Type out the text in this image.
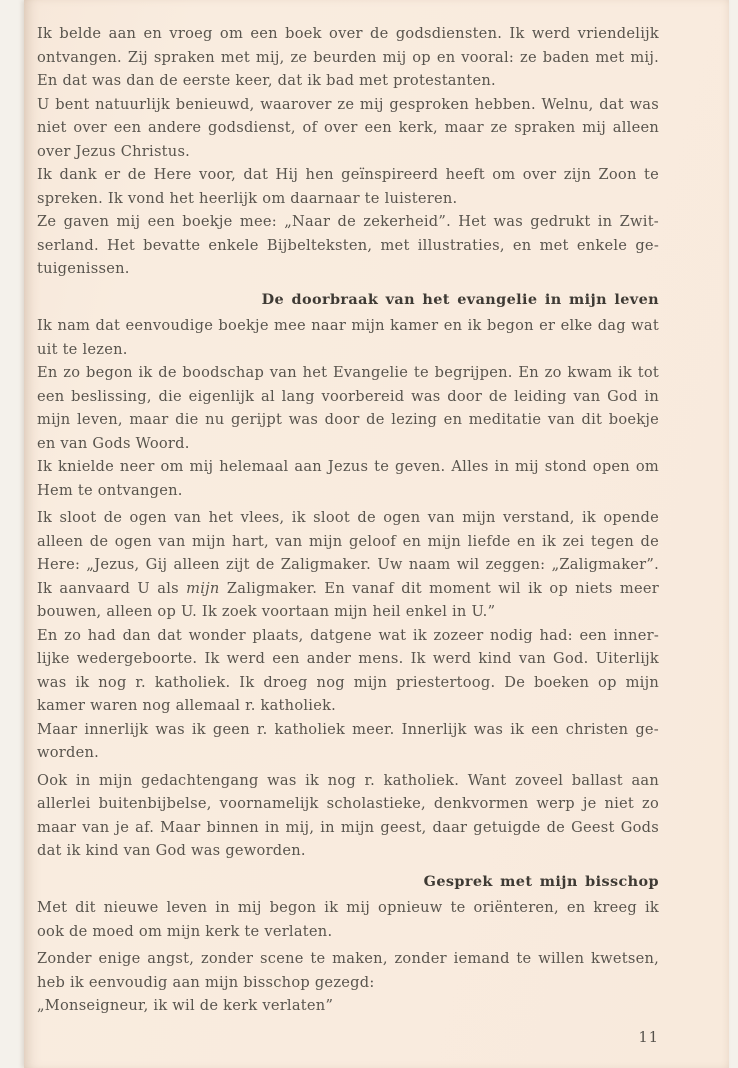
Ik belde aan en vroeg om een boek over de godsdiensten. Ik werd vriendelijk
ontvangen. Zij spraken met mij, ze beurden mij op en vooral: ze baden met mij.
En dat was dan de eerste keer, dat ik bad met protestanten.
U bent natuurlijk benieuwd, waarover ze mij gesproken hebben. Welnu, dat was
niet over een andere godsdienst, of over een kerk, maar ze spraken mij alleen
over Jezus Christus.
Ik dank er de Here voor, dat Hij hen geïnspireerd heeft om over zijn Zoon te
spreken. Ik vond het heerlijk om daarnaar te luisteren.
Ze gaven mij een boekje mee: „Naar de zekerheid”. Het was gedrukt in Zwit-
serland. Het bevatte enkele Bijbelteksten, met illustraties, en met enkele ge-
tuigenissen.
De doorbraak van het evangelie in mijn leven
Ik nam dat eenvoudige boekje mee naar mijn kamer en ik begon er elke dag wat
uit te lezen.
En zo begon ik de boodschap van het Evangelie te begrijpen. En zo kwam ik tot
een beslissing, die eigenlijk al lang voorbereid was door de leiding van God in
mijn leven, maar die nu gerijpt was door de lezing en meditatie van dit boekje
en van Gods Woord.
Ik knielde neer om mij helemaal aan Jezus te geven. Alles in mij stond open om
Hem te ontvangen.
Ik sloot de ogen van het vlees, ik sloot de ogen van mijn verstand, ik opende
alleen de ogen van mijn hart, van mijn geloof en mijn liefde en ik zei tegen de
Here: „Jezus, Gij alleen zijt de Zaligmaker. Uw naam wil zeggen: „Zaligmaker”.
Ik aanvaard U als mijn Zaligmaker. En vanaf dit moment wil ik op niets meer
bouwen, alleen op U. Ik zoek voortaan mijn heil enkel in U.”
En zo had dan dat wonder plaats, datgene wat ik zozeer nodig had: een inner-
lijke wedergeboorte. Ik werd een ander mens. Ik werd kind van God. Uiterlijk
was ik nog r. katholiek. Ik droeg nog mijn priestertoog. De boeken op mijn
kamer waren nog allemaal r. katholiek.
Maar innerlijk was ik geen r. katholiek meer. Innerlijk was ik een christen ge-
worden.
Ook in mijn gedachtengang was ik nog r. katholiek. Want zoveel ballast aan
allerlei buitenbijbelse, voornamelijk scholastieke, denkvormen werp je niet zo
maar van je af. Maar binnen in mij, in mijn geest, daar getuigde de Geest Gods
dat ik kind van God was geworden.
Gesprek met mijn bisschop
Met dit nieuwe leven in mij begon ik mij opnieuw te oriënteren, en kreeg ik
ook de moed om mijn kerk te verlaten.
Zonder enige angst, zonder scene te maken, zonder iemand te willen kwetsen,
heb ik eenvoudig aan mijn bisschop gezegd:
„Monseigneur, ik wil de kerk verlaten”
11
